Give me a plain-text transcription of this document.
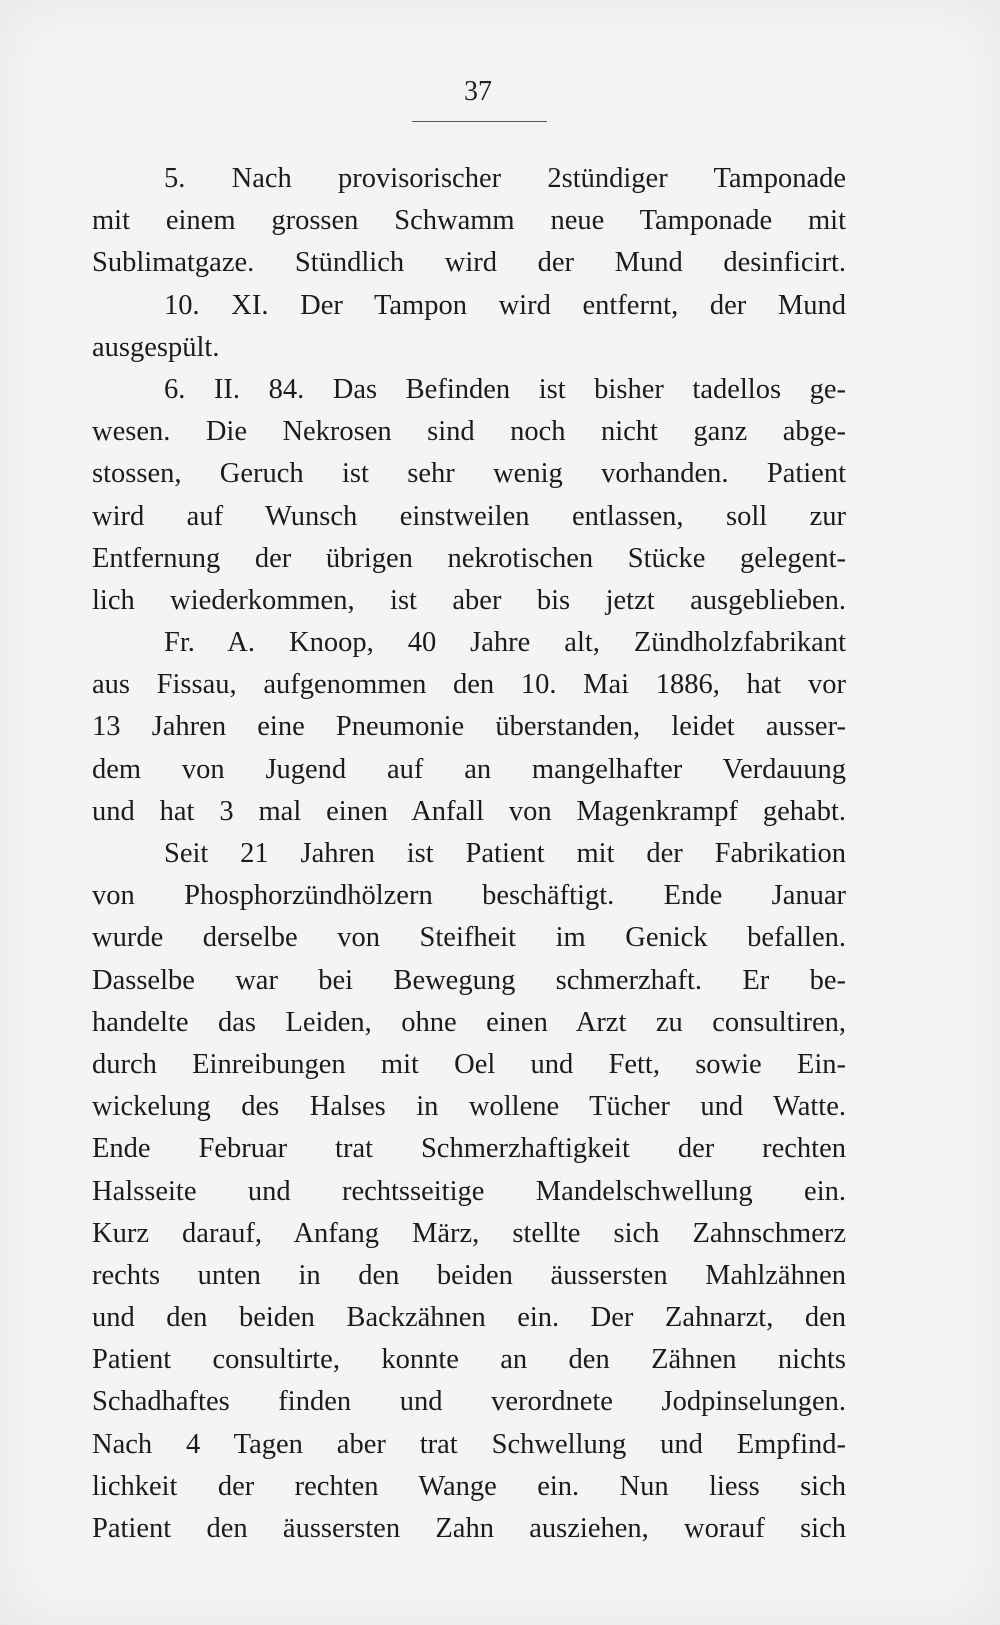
37
5. Nach provisorischer 2stündiger Tamponade
mit einem grossen Schwamm neue Tamponade mit
Sublimatgaze. Stündlich wird der Mund desinficirt.
10. XI. Der Tampon wird entfernt, der Mund
ausgespült.
6. II. 84. Das Befinden ist bisher tadellos ge-
wesen. Die Nekrosen sind noch nicht ganz abge-
stossen, Geruch ist sehr wenig vorhanden. Patient
wird auf Wunsch einstweilen entlassen, soll zur
Entfernung der übrigen nekrotischen Stücke gelegent-
lich wiederkommen, ist aber bis jetzt ausgeblieben.
Fr. A. Knoop, 40 Jahre alt, Zündholzfabrikant
aus Fissau, aufgenommen den 10. Mai 1886, hat vor
13 Jahren eine Pneumonie überstanden, leidet ausser-
dem von Jugend auf an mangelhafter Verdauung
und hat 3 mal einen Anfall von Magenkrampf gehabt.
Seit 21 Jahren ist Patient mit der Fabrikation
von Phosphorzündhölzern beschäftigt. Ende Januar
wurde derselbe von Steifheit im Genick befallen.
Dasselbe war bei Bewegung schmerzhaft. Er be-
handelte das Leiden, ohne einen Arzt zu consultiren,
durch Einreibungen mit Oel und Fett, sowie Ein-
wickelung des Halses in wollene Tücher und Watte.
Ende Februar trat Schmerzhaftigkeit der rechten
Halsseite und rechtsseitige Mandelschwellung ein.
Kurz darauf, Anfang März, stellte sich Zahnschmerz
rechts unten in den beiden äussersten Mahlzähnen
und den beiden Backzähnen ein. Der Zahnarzt, den
Patient consultirte, konnte an den Zähnen nichts
Schadhaftes finden und verordnete Jodpinselungen.
Nach 4 Tagen aber trat Schwellung und Empfind-
lichkeit der rechten Wange ein. Nun liess sich
Patient den äussersten Zahn ausziehen, worauf sich
